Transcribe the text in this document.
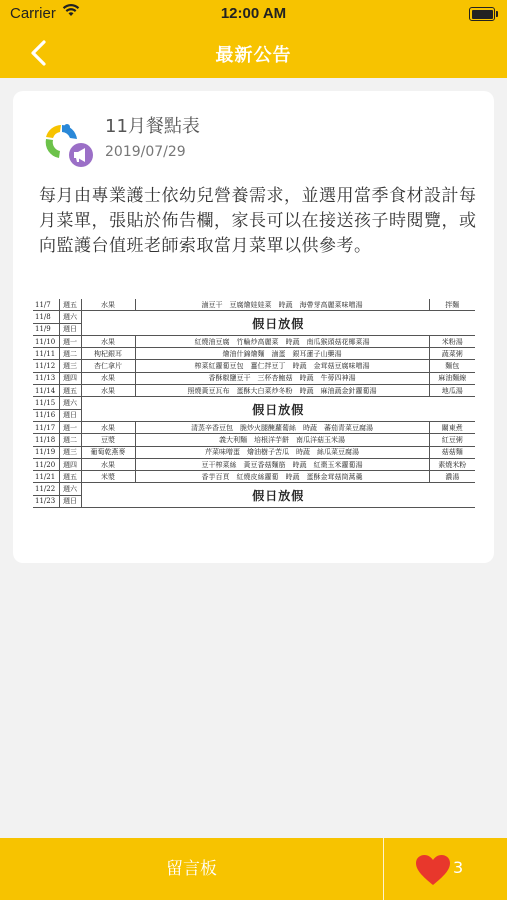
Carrier	12:00 AM
最新公告
11月餐點表
2019/07/29
每月由專業護士依幼兒營養需求，並選用當季食材設計每月菜單，張貼於佈告欄，家長可以在接送孩子時閱覽，或向監護台值班老師索取當月菜單以供參考。
11/7	週五	水果	滷豆干　豆腐燴娃娃菜　時蔬　海帶芽高麗菜味噌湯	拌麵
11/8	週六	假日放假		
11/9	週日			
11/10	週一	水果	紅燒油豆腐　竹輪炒高麗菜　時蔬　南瓜猴頭菇花椰菜湯	米粉湯
11/11	週二	枸杞銀耳	燴油什錦燴麵　滷蛋　銀耳蓮子山藥湯	蔬菜粥
11/12	週三	杏仁拿片	榨菜紅蘿蔔豆包　薑仁拌豆丁　時蔬　金茸菇豆腐味噌湯	麵包
11/13	週四	水果	香酥椒鹽豆干　三杯杏鮑菇　時蔬　牛蒡四神湯	麻油麵線
11/14	週五	水果	照燒黃豆瓦布　蛋酥大白菜炒冬粉　時蔬　麻油蔬金針蘿蔔湯	地瓜湯
11/15	週六	假日放假		
11/16	週日			
11/17	週一	水果	清蒸辛香豆包　脆炒火腿醃蘿蔔絲　時蔬　蕃茄青菜豆腐湯	關東煮
11/18	週二	豆漿	義大利麵　培根洋芋餅　南瓜洋菇玉米湯	紅豆粥
11/19	週三	葡萄乾燕麥	芹菜味噌蛋　燴油樹子苦瓜　時蔬　絲瓜菜豆腐湯	菇菇麵
11/20	週四	水果	豆干榨菜絲　黃豆香菇麵筋　時蔬　紅棗玉米蘿蔔湯	素燒米粉
11/21	週五	米漿	香芋百頁　紅燒皮絲蘿蔔　時蔬　蛋酥金茸菇筒蒿羹	濃湯
11/22	週六	假日放假		
11/23	週日			
留言板	3
